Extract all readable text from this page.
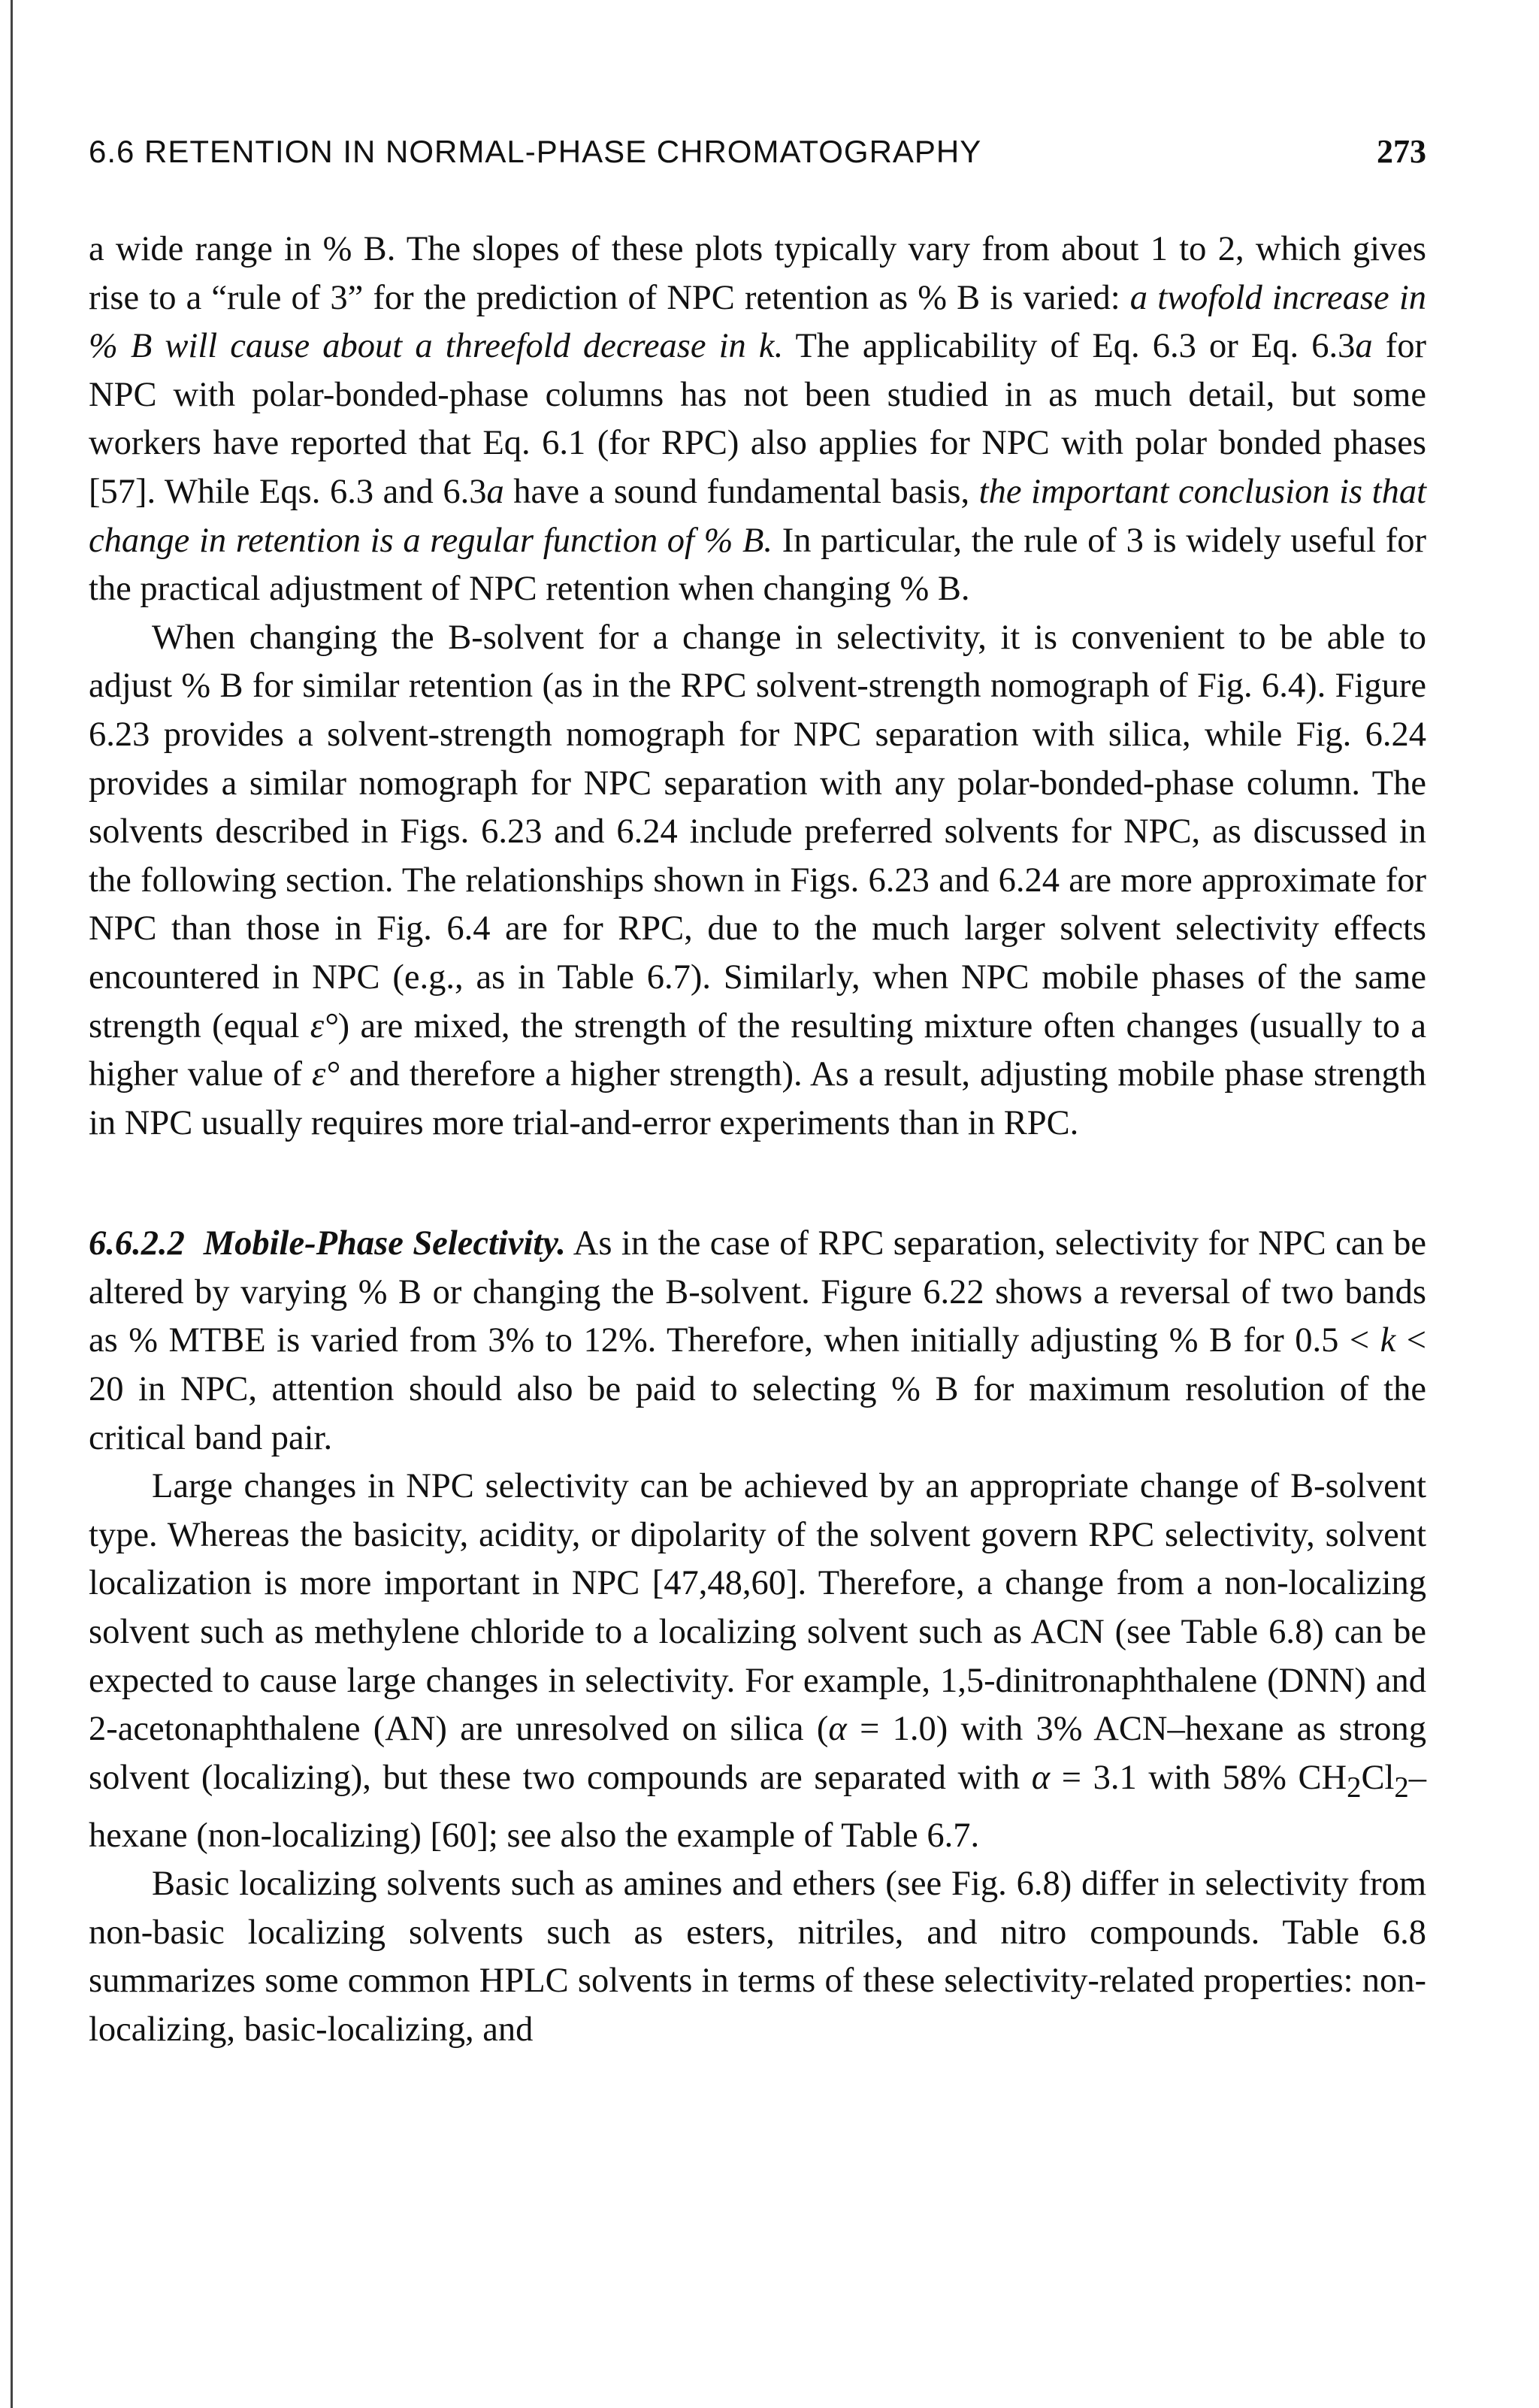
6.6 RETENTION IN NORMAL-PHASE CHROMATOGRAPHY	273

a wide range in % B. The slopes of these plots typically vary from about 1 to 2, which gives rise to a “rule of 3” for the prediction of NPC retention as % B is varied: a twofold increase in % B will cause about a threefold decrease in k. The applicability of Eq. 6.3 or Eq. 6.3a for NPC with polar-bonded-phase columns has not been studied in as much detail, but some workers have reported that Eq. 6.1 (for RPC) also applies for NPC with polar bonded phases [57]. While Eqs. 6.3 and 6.3a have a sound fundamental basis, the important conclusion is that change in retention is a regular function of % B. In particular, the rule of 3 is widely useful for the practical adjustment of NPC retention when changing % B.

When changing the B-solvent for a change in selectivity, it is convenient to be able to adjust % B for similar retention (as in the RPC solvent-strength nomograph of Fig. 6.4). Figure 6.23 provides a solvent-strength nomograph for NPC separation with silica, while Fig. 6.24 provides a similar nomograph for NPC separation with any polar-bonded-phase column. The solvents described in Figs. 6.23 and 6.24 include preferred solvents for NPC, as discussed in the following section. The relationships shown in Figs. 6.23 and 6.24 are more approximate for NPC than those in Fig. 6.4 are for RPC, due to the much larger solvent selectivity effects encountered in NPC (e.g., as in Table 6.7). Similarly, when NPC mobile phases of the same strength (equal ε°) are mixed, the strength of the resulting mixture often changes (usually to a higher value of ε° and therefore a higher strength). As a result, adjusting mobile phase strength in NPC usually requires more trial-and-error experiments than in RPC.

6.6.2.2 Mobile-Phase Selectivity. As in the case of RPC separation, selectivity for NPC can be altered by varying % B or changing the B-solvent. Figure 6.22 shows a reversal of two bands as % MTBE is varied from 3% to 12%. Therefore, when initially adjusting % B for 0.5 < k < 20 in NPC, attention should also be paid to selecting % B for maximum resolution of the critical band pair.

Large changes in NPC selectivity can be achieved by an appropriate change of B-solvent type. Whereas the basicity, acidity, or dipolarity of the solvent govern RPC selectivity, solvent localization is more important in NPC [47,48,60]. Therefore, a change from a non-localizing solvent such as methylene chloride to a localizing solvent such as ACN (see Table 6.8) can be expected to cause large changes in selectivity. For example, 1,5-dinitronaphthalene (DNN) and 2-acetonaphthalene (AN) are unresolved on silica (α = 1.0) with 3% ACN–hexane as strong solvent (localizing), but these two compounds are separated with α = 3.1 with 58% $CH_2Cl_2$–hexane (non-localizing) [60]; see also the example of Table 6.7.

Basic localizing solvents such as amines and ethers (see Fig. 6.8) differ in selectivity from non-basic localizing solvents such as esters, nitriles, and nitro compounds. Table 6.8 summarizes some common HPLC solvents in terms of these selectivity-related properties: non-localizing, basic-localizing, and
